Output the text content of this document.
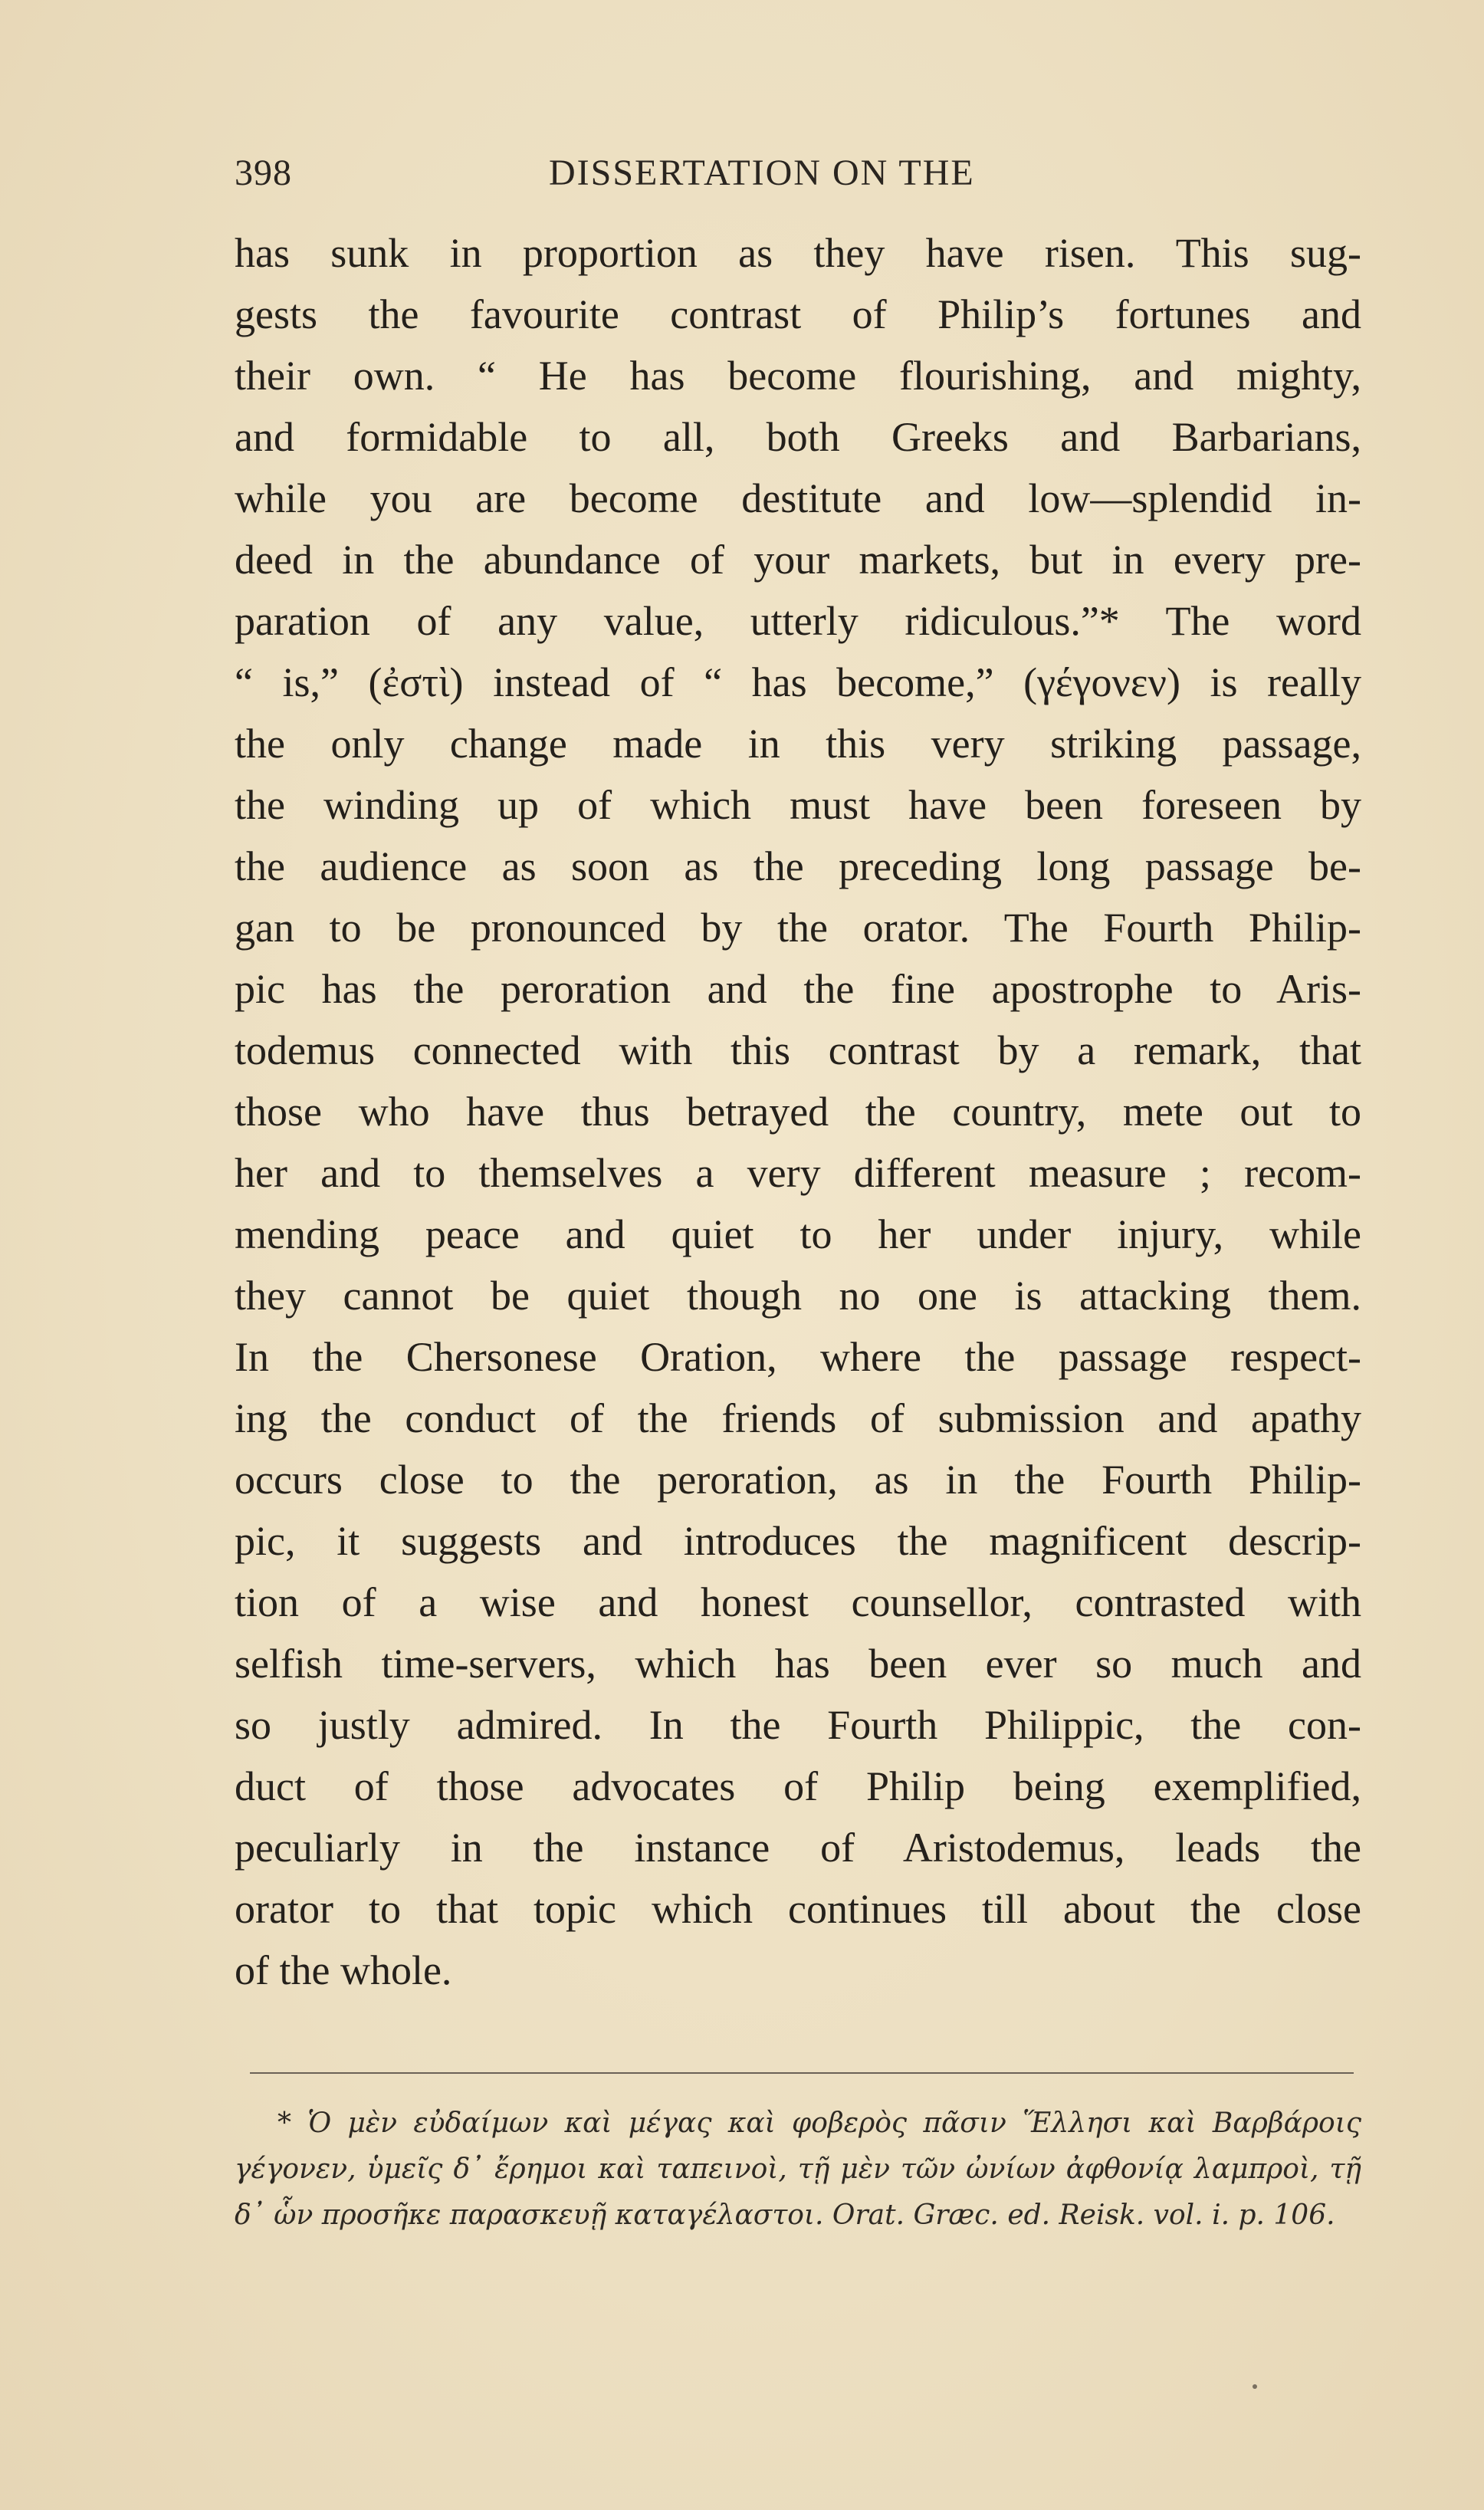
398	DISSERTATION ON THE
has sunk in proportion as they have risen. This sug-
gests the favourite contrast of Philip’s fortunes and
their own. “ He has become flourishing, and mighty,
and formidable to all, both Greeks and Barbarians,
while you are become destitute and low—splendid in-
deed in the abundance of your markets, but in every pre-
paration of any value, utterly ridiculous.”* The word
“ is,” (ἐστὶ) instead of “ has become,” (γέγονεν) is really
the only change made in this very striking passage,
the winding up of which must have been foreseen by
the audience as soon as the preceding long passage be-
gan to be pronounced by the orator. The Fourth Philip-
pic has the peroration and the fine apostrophe to Aris-
todemus connected with this contrast by a remark, that
those who have thus betrayed the country, mete out to
her and to themselves a very different measure ; recom-
mending peace and quiet to her under injury, while
they cannot be quiet though no one is attacking them.
In the Chersonese Oration, where the passage respect-
ing the conduct of the friends of submission and apathy
occurs close to the peroration, as in the Fourth Philip-
pic, it suggests and introduces the magnificent descrip-
tion of a wise and honest counsellor, contrasted with
selfish time-servers, which has been ever so much and
so justly admired. In the Fourth Philippic, the con-
duct of those advocates of Philip being exemplified,
peculiarly in the instance of Aristodemus, leads the
orator to that topic which continues till about the close
of the whole.
* Ὁ μὲν εὐδαίμων καὶ μέγας καὶ φοβερὸς πᾶσιν Ἕλλησι καὶ Βαρβάροις
γέγονεν, ὑμεῖς δ᾽ ἔρημοι καὶ ταπεινοὶ, τῇ μὲν τῶν ὠνίων ἀφθονίᾳ λαμπροὶ, τῇ
δ᾽ ὧν προσῆκε παρασκευῇ καταγέλαστοι. Orat. Græc. ed. Reisk. vol. i. p. 106.
